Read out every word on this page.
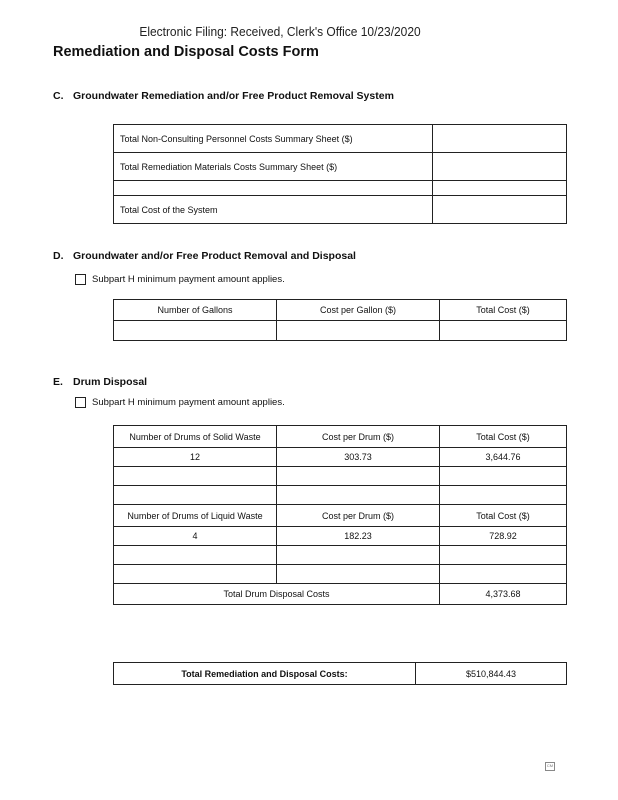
Electronic Filing: Received, Clerk's Office 10/23/2020
Remediation and Disposal Costs Form
C. Groundwater Remediation and/or Free Product Removal System
Total Non-Consulting Personnel Costs Summary Sheet ($)	
Total Remediation Materials Costs Summary Sheet ($)	

Total Cost of the System	
D. Groundwater and/or Free Product Removal and Disposal
Subpart H minimum payment amount applies.
Number of Gallons	Cost per Gallon ($)	Total Cost ($)

E. Drum Disposal
Subpart H minimum payment amount applies.
Number of Drums of Solid Waste	Cost per Drum ($)	Total Cost ($)
12	303.73	3,644.76

Number of Drums of Liquid Waste	Cost per Drum ($)	Total Cost ($)
4	182.23	728.92

Total Drum Disposal Costs		4,373.68
Total Remediation and Disposal Costs:	$510,844.43
CM
